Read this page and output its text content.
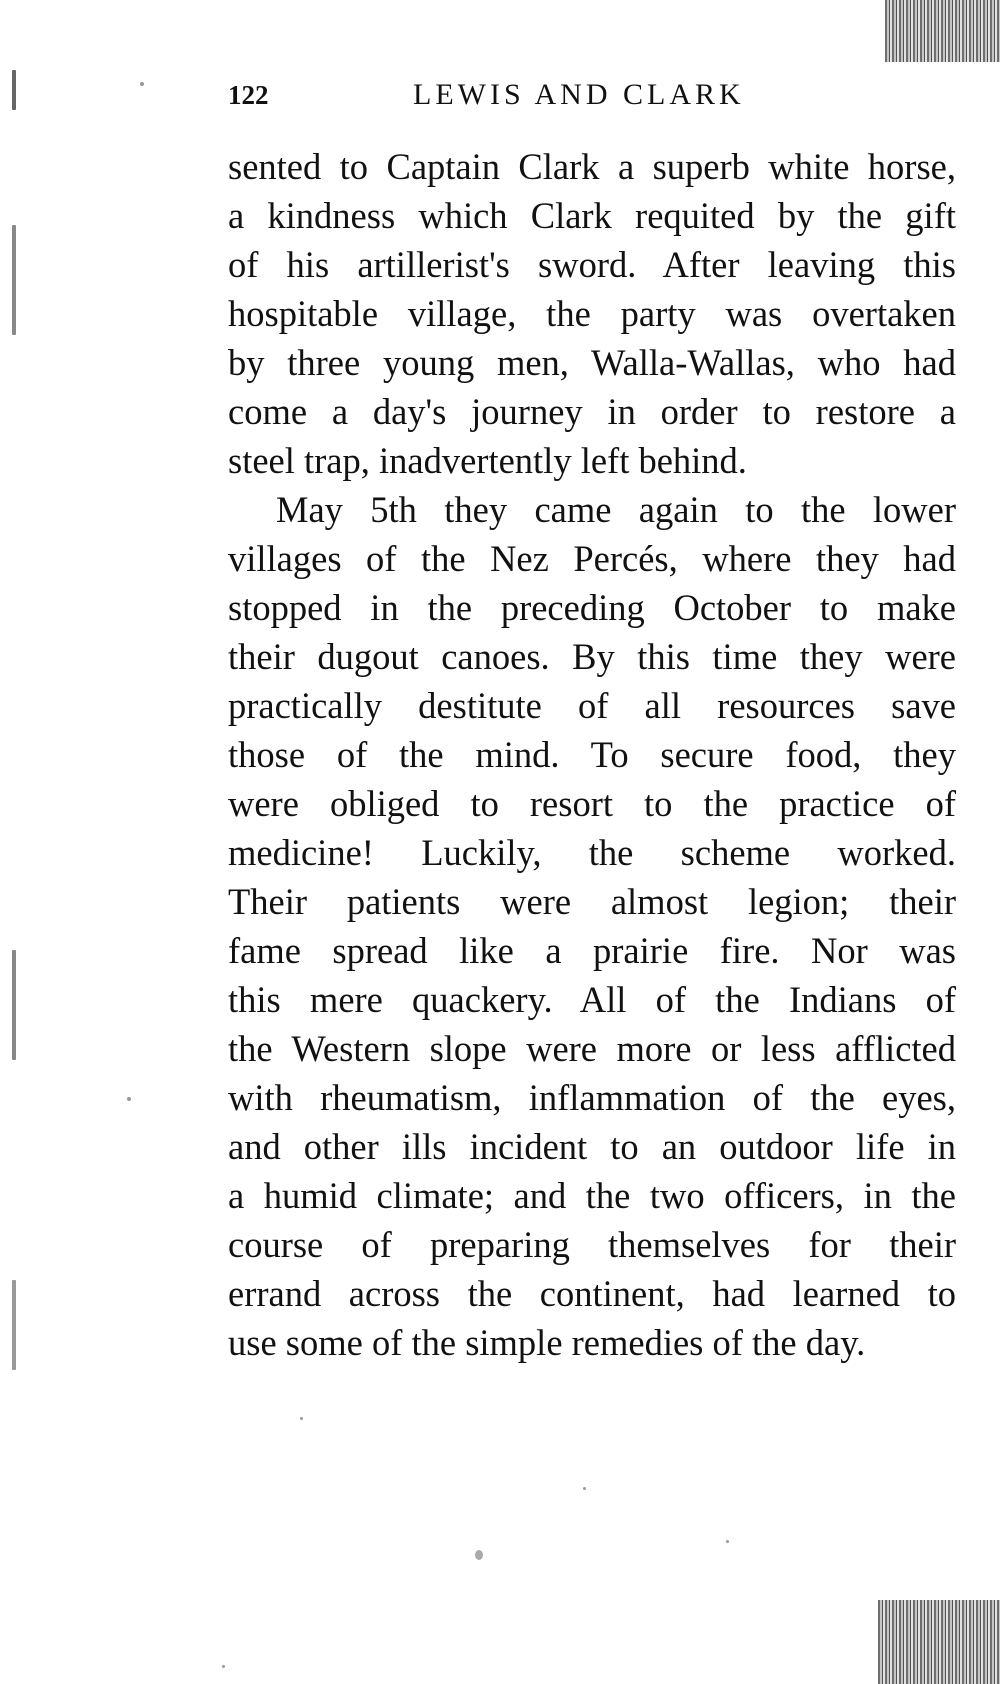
122	LEWIS AND CLARK
sented to Captain Clark a superb white horse,
a kindness which Clark requited by the gift
of his artillerist's sword. After leaving this
hospitable village, the party was overtaken
by three young men, Walla-Wallas, who had
come a day's journey in order to restore a
steel trap, inadvertently left behind.
May 5th they came again to the lower
villages of the Nez Percés, where they had
stopped in the preceding October to make
their dugout canoes. By this time they were
practically destitute of all resources save
those of the mind. To secure food, they
were obliged to resort to the practice of
medicine! Luckily, the scheme worked.
Their patients were almost legion; their
fame spread like a prairie fire. Nor was
this mere quackery. All of the Indians of
the Western slope were more or less afflicted
with rheumatism, inflammation of the eyes,
and other ills incident to an outdoor life in
a humid climate; and the two officers, in the
course of preparing themselves for their
errand across the continent, had learned to
use some of the simple remedies of the day.
